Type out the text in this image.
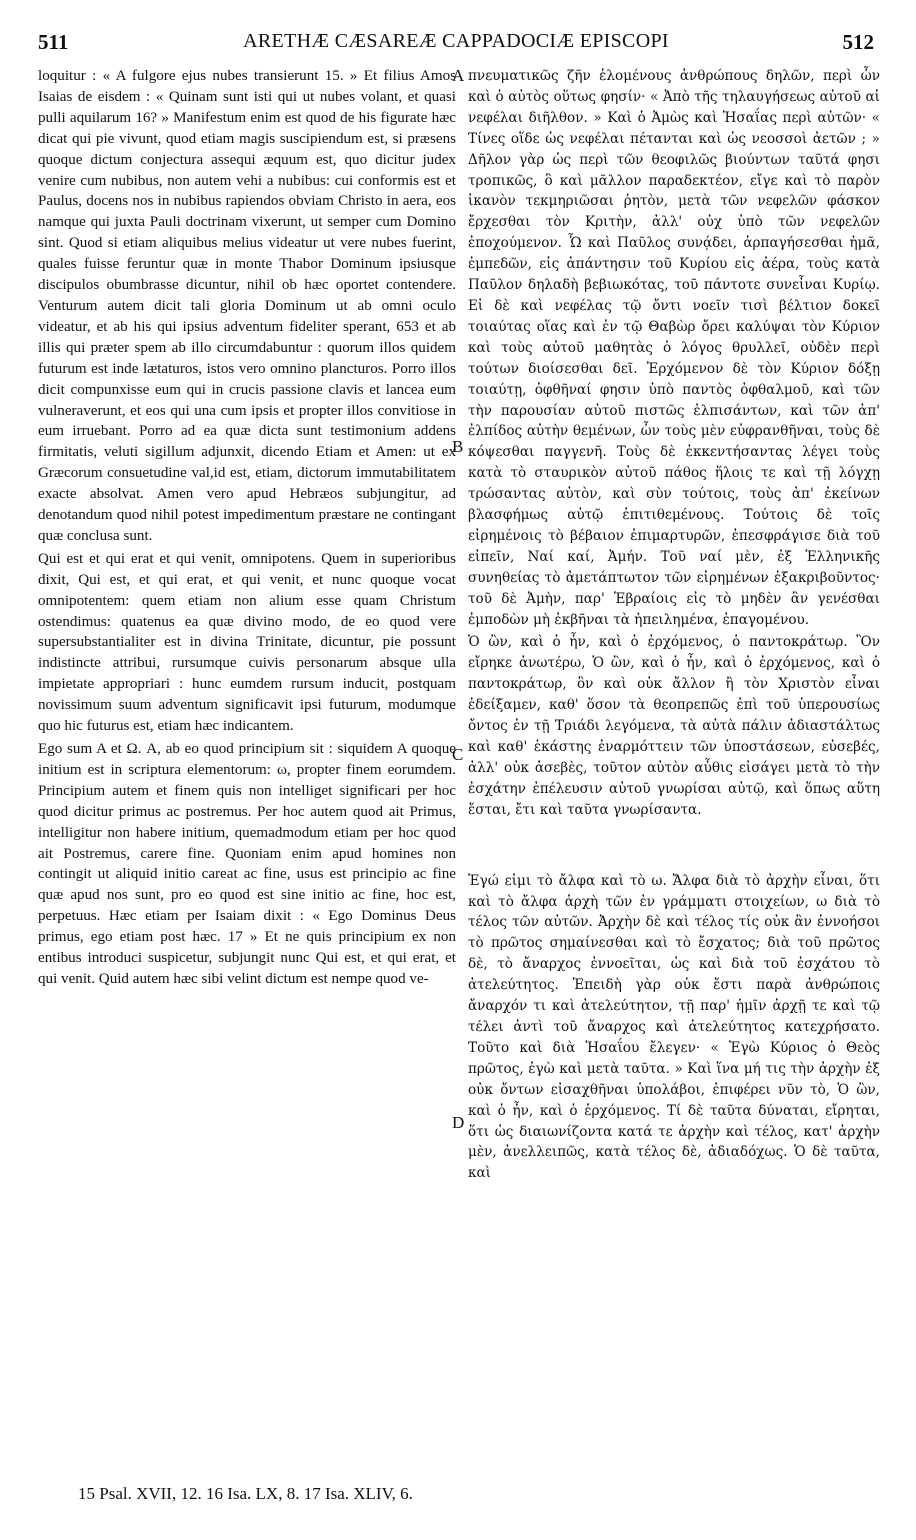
511	ARETHÆ CÆSAREÆ CAPPADOCIÆ EPISCOPI	512

loquitur : « A fulgore ejus nubes transierunt 15. » Et filius Amos Isaias de eisdem : « Quinam sunt isti qui ut nubes volant, et quasi pulli aquilarum 16? » Manifestum enim est quod de his figurate hæc dicat qui pie vivunt, quod etiam magis suscipiendum est, si præsens quoque dictum conjectura assequi æquum est, quo dicitur judex venire cum nubibus, non autem vehi a nubibus: cui conformis est et Paulus, docens nos in nubibus rapiendos obviam Christo in aera, eos namque qui juxta Pauli doctrinam vixerunt, ut semper cum Domino sint. Quod si etiam aliquibus melius videatur ut vere nubes fuerint, quales fuisse feruntur quæ in monte Thabor Dominum ipsiusque discipulos obumbrasse dicuntur, nihil ob hæc oportet contendere. Venturum autem dicit tali gloria Dominum ut ab omni oculo videatur, et ab his qui ipsius adventum fideliter sperant, 653 et ab illis qui præter spem ab illo circumdabuntur : quorum illos quidem futurum est inde lætaturos, istos vero omnino plancturos. Porro illos dicit compunxisse eum qui in crucis passione clavis et lancea eum vulneraverunt, et eos qui una cum ipsis et propter illos convitiose in eum irruebant. Porro ad ea quæ dicta sunt testimonium addens firmitatis, veluti sigillum adjunxit, dicendo Etiam et Amen: ut ex Græcorum consuetudine val,id est, etiam, dictorum immutabilitatem exacte absolvat. Amen vero apud Hebræos subjungitur, ad denotandum quod nihil potest impedimentum præstare ne contingant quæ conclusa sunt.

Qui est et qui erat et qui venit, omnipotens. Quem in superioribus dixit, Qui est, et qui erat, et qui venit, et nunc quoque vocat omnipotentem: quem etiam non alium esse quam Christum ostendimus: quatenus ea quæ divino modo, de eo quod vere supersubstantialiter est in divina Trinitate, dicuntur, pie possunt indistincte attribui, rursumque cuivis personarum absque ulla impietate appropriari : hunc eumdem rursum inducit, postquam novissimum suum adventum significavit ipsi futurum, modumque quo hic futurus est, etiam hæc indicantem.

Ego sum A et Ω. A, ab eo quod principium sit : siquidem A quoque initium est in scriptura elementorum: ω, propter finem eorumdem. Principium autem et finem quis non intelliget significari per hoc quod dicitur primus ac postremus. Per hoc autem quod ait Primus, intelligitur non habere initium, quemadmodum etiam per hoc quod ait Postremus, carere fine. Quoniam enim apud homines non contingit ut aliquid initio careat ac fine, usus est principio ac fine quæ apud nos sunt, pro eo quod est sine initio ac fine, hoc est, perpetuus. Hæc etiam per Isaiam dixit : « Ego Dominus Deus primus, ego etiam post hæc. 17 » Et ne quis principium ex non entibus introduci suspicetur, subjungit nunc Qui est, et qui erat, et qui venit. Quid autem hæc sibi velint dictum est nempe quod ve-

πνευματικῶς ζῆν ἑλομένους ἀνθρώπους δηλῶν, περὶ ὧν καὶ ὁ αὐτὸς οὕτως φησίν· « Ἀπὸ τῆς τηλαυγήσεως αὐτοῦ αἱ νεφέλαι διῆλθον. » Καὶ ὁ Ἀμὼς καὶ Ἡσαΐας περὶ αὐτῶν· « Τίνες οἵδε ὡς νεφέλαι πέτανται καὶ ὡς νεοσσοὶ ἀετῶν ; » Δῆλον γὰρ ὡς περὶ τῶν θεοφιλῶς βιούντων ταῦτά φησι τροπικῶς, ὃ καὶ μᾶλλον παραδεκτέον, εἴγε καὶ τὸ παρὸν ἱκανὸν τεκμηριῶσαι ῥητὸν, μετὰ τῶν νεφελῶν φάσκον ἔρχεσθαι τὸν Κριτὴν, ἀλλ' οὐχ ὑπὸ τῶν νεφελῶν ἐποχούμενον. Ὧ καὶ Παῦλος συνᾴδει, ἁρπαγήσεσθαι ἡμᾶ, ἐμπεδῶν, εἰς ἀπάντησιν τοῦ Κυρίου εἰς ἀέρα, τοὺς κατὰ Παῦλον δηλαδὴ βεβιωκότας, τοῦ πάντοτε συνεἶναι Κυρίῳ. Εἰ δὲ καὶ νεφέλας τῷ ὄντι νοεῖν τισὶ βέλτιον δοκεῖ τοιαύτας οἵας καὶ ἐν τῷ Θαβὼρ ὄρει καλύψαι τὸν Κύριον καὶ τοὺς αὐτοῦ μαθητὰς ὁ λόγος θρυλλεῖ, οὐδὲν περὶ τούτων διοίσεσθαι δεῖ. Ἐρχόμενον δὲ τὸν Κύριον δόξῃ τοιαύτῃ, ὀφθῆναί φησιν ὑπὸ παντὸς ὀφθαλμοῦ, καὶ τῶν τὴν παρουσίαν αὐτοῦ πιστῶς ἐλπισάντων, καὶ τῶν ἀπ' ἐλπίδος αὐτὴν θεμένων, ὧν τοὺς μὲν εὐφρανθῆναι, τοὺς δὲ κόψεσθαι παγγενῆ. Τοὺς δὲ ἐκκεντήσαντας λέγει τοὺς κατὰ τὸ σταυρικὸν αὐτοῦ πάθος ἥλοις τε καὶ τῇ λόγχῃ τρώσαντας αὐτὸν, καὶ σὺν τούτοις, τοὺς ἀπ' ἐκείνων βλασφήμως αὐτῷ ἐπιτιθεμένους. Τούτοις δὲ τοῖς εἰρημένοις τὸ βέβαιον ἐπιμαρτυρῶν, ἐπεσφράγισε διὰ τοῦ εἰπεῖν, Ναί καί, Ἀμήν. Τοῦ ναί μὲν, ἐξ Ἑλληνικῆς συνηθείας τὸ ἀμετάπτωτον τῶν εἰρημένων ἐξακριβοῦντος· τοῦ δὲ Ἀμὴν, παρ' Ἑβραίοις εἰς τὸ μηδὲν ἂν γενέσθαι ἐμποδὼν μὴ ἐκβῆναι τὰ ἠπειλημένα, ἐπαγομένου.

Ὁ ὢν, καὶ ὁ ἦν, καὶ ὁ ἐρχόμενος, ὁ παντοκράτωρ. Ὃν εἴρηκε ἀνωτέρω, Ὁ ὢν, καὶ ὁ ἦν, καὶ ὁ ἐρχόμενος, καὶ ὁ παντοκράτωρ, ὃν καὶ οὐκ ἄλλον ἢ τὸν Χριστὸν εἶναι ἐδείξαμεν, καθ' ὅσον τὰ θεοπρεπῶς ἐπὶ τοῦ ὑπερουσίως ὄντος ἐν τῇ Τριάδι λεγόμενα, τὰ αὐτὰ πάλιν ἀδιαστάλτως καὶ καθ' ἑκάστης ἐναρμόττειν τῶν ὑποστάσεων, εὐσεβές, ἀλλ' οὐκ ἀσεβὲς, τοῦτον αὐτὸν αὖθις εἰσάγει μετὰ τὸ τὴν ἐσχάτην ἐπέλευσιν αὐτοῦ γνωρίσαι αὐτῷ, καὶ ὅπως αὕτη ἔσται, ἔτι καὶ ταῦτα γνωρίσαντα.

Ἐγώ εἰμι τὸ ἄλφα καὶ τὸ ω. Ἄλφα διὰ τὸ ἀρχὴν εἶναι, ὅτι καὶ τὸ ἄλφα ἀρχὴ τῶν ἐν γράμματι στοιχείων, ω διὰ τὸ τέλος τῶν αὐτῶν. Ἀρχὴν δὲ καὶ τέλος τίς οὐκ ἂν ἐννοήσοι τὸ πρῶτος σημαίνεσθαι καὶ τὸ ἔσχατος; διὰ τοῦ πρῶτος δὲ, τὸ ἄναρχος ἐννοεῖται, ὡς καὶ διὰ τοῦ ἐσχάτου τὸ ἀτελεύτητος. Ἐπειδὴ γὰρ οὐκ ἔστι παρὰ ἀνθρώποις ἄναρχόν τι καὶ ἀτελεύτητον, τῇ παρ' ἡμῖν ἀρχῇ τε καὶ τῷ τέλει ἀντὶ τοῦ ἄναρχος καὶ ἀτελεύτητος κατεχρήσατο. Τοῦτο καὶ διὰ Ἡσαΐου ἔλεγεν· « Ἐγὼ Κύριος ὁ Θεὸς πρῶτος, ἐγὼ καὶ μετὰ ταῦτα. » Καὶ ἵνα μή τις τὴν ἀρχὴν ἐξ οὐκ ὄντων εἰσαχθῆναι ὑπολάβοι, ἐπιφέρει νῦν τὸ, Ὁ ὢν, καὶ ὁ ἦν, καὶ ὁ ἐρχόμενος. Τί δὲ ταῦτα δύναται, εἴρηται, ὅτι ὡς διαιωνίζοντα κατά τε ἀρχὴν καὶ τέλος, κατ' ἀρχὴν μὲν, ἀνελλειπῶς, κατὰ τέλος δὲ, ἀδιαδόχως. Ὁ δὲ ταῦτα, καὶ

A
B
C
D
15 Psal. XVII, 12. 16 Isa. LX, 8. 17 Isa. XLIV, 6.
